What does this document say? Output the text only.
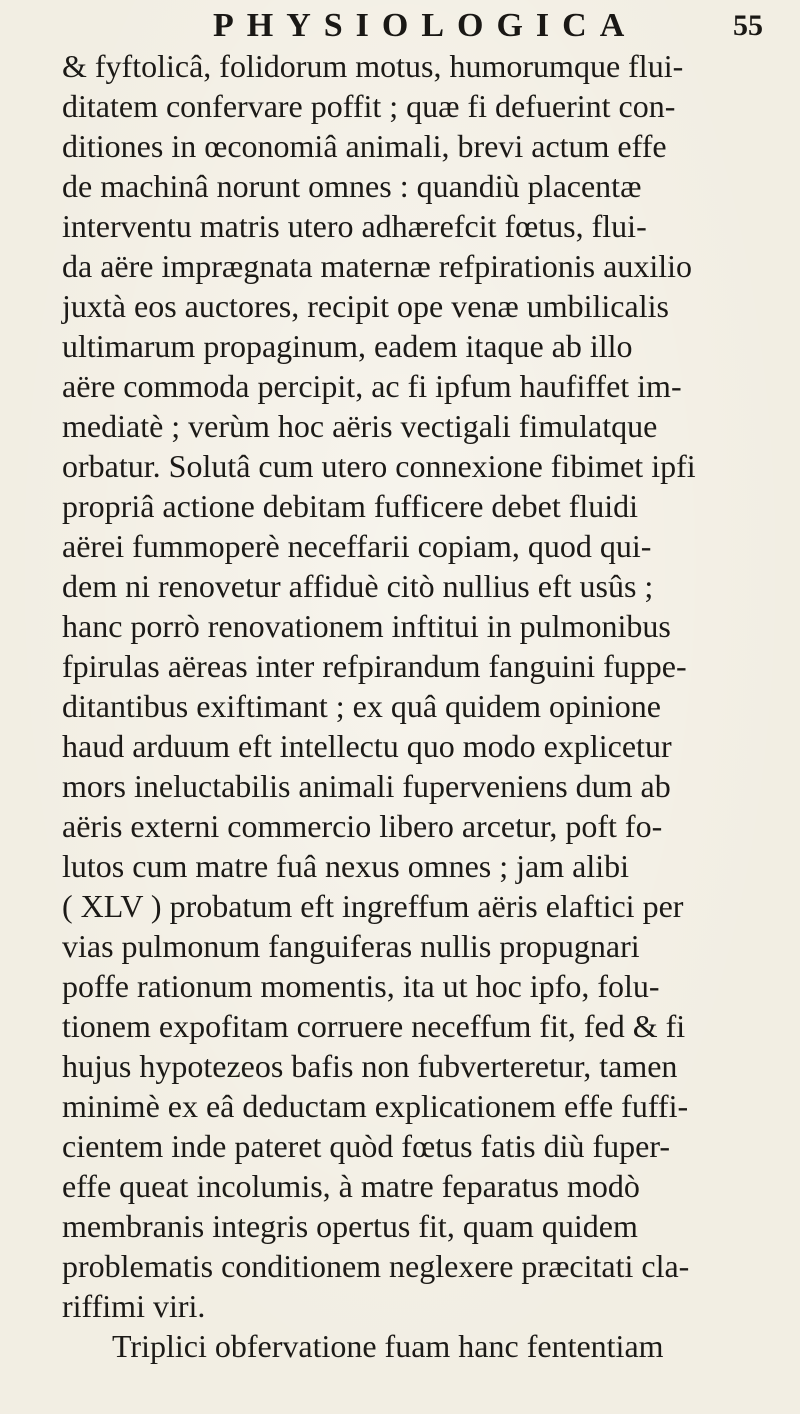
PHYSIOLOGICA	55
& fyftolicâ, folidorum motus, humorumque flui-
ditatem confervare poffit ; quæ fi defuerint con-
ditiones in œconomiâ animali, brevi actum effe
de machinâ norunt omnes : quandiù placentæ
interventu matris utero adhærefcit fœtus, flui-
da aëre imprægnata maternæ refpirationis auxilio
juxtà eos auctores, recipit ope venæ umbilicalis
ultimarum propaginum, eadem itaque ab illo
aëre commoda percipit, ac fi ipfum haufiffet im-
mediatè ; verùm hoc aëris vectigali fimulatque
orbatur. Solutâ cum utero connexione fibimet ipfi
propriâ actione debitam fufficere debet fluidi
aërei fummoperè neceffarii copiam, quod qui-
dem ni renovetur affiduè citò nullius eft usûs ;
hanc porrò renovationem inftitui in pulmonibus
fpirulas aëreas inter refpirandum fanguini fuppe-
ditantibus exiftimant ; ex quâ quidem opinione
haud arduum eft intellectu quo modo explicetur
mors ineluctabilis animali fuperveniens dum ab
aëris externi commercio libero arcetur, poft fo-
lutos cum matre fuâ nexus omnes ; jam alibi
( XLV ) probatum eft ingreffum aëris elaftici per
vias pulmonum fanguiferas nullis propugnari
poffe rationum momentis, ita ut hoc ipfo, folu-
tionem expofitam corruere neceffum fit, fed & fi
hujus hypotezeos bafis non fubverteretur, tamen
minimè ex eâ deductam explicationem effe fuffi-
cientem inde pateret quòd fœtus fatis diù fuper-
effe queat incolumis, à matre feparatus modò
membranis integris opertus fit, quam quidem
problematis conditionem neglexere præcitati cla-
riffimi viri.
Triplici obfervatione fuam hanc fententiam
